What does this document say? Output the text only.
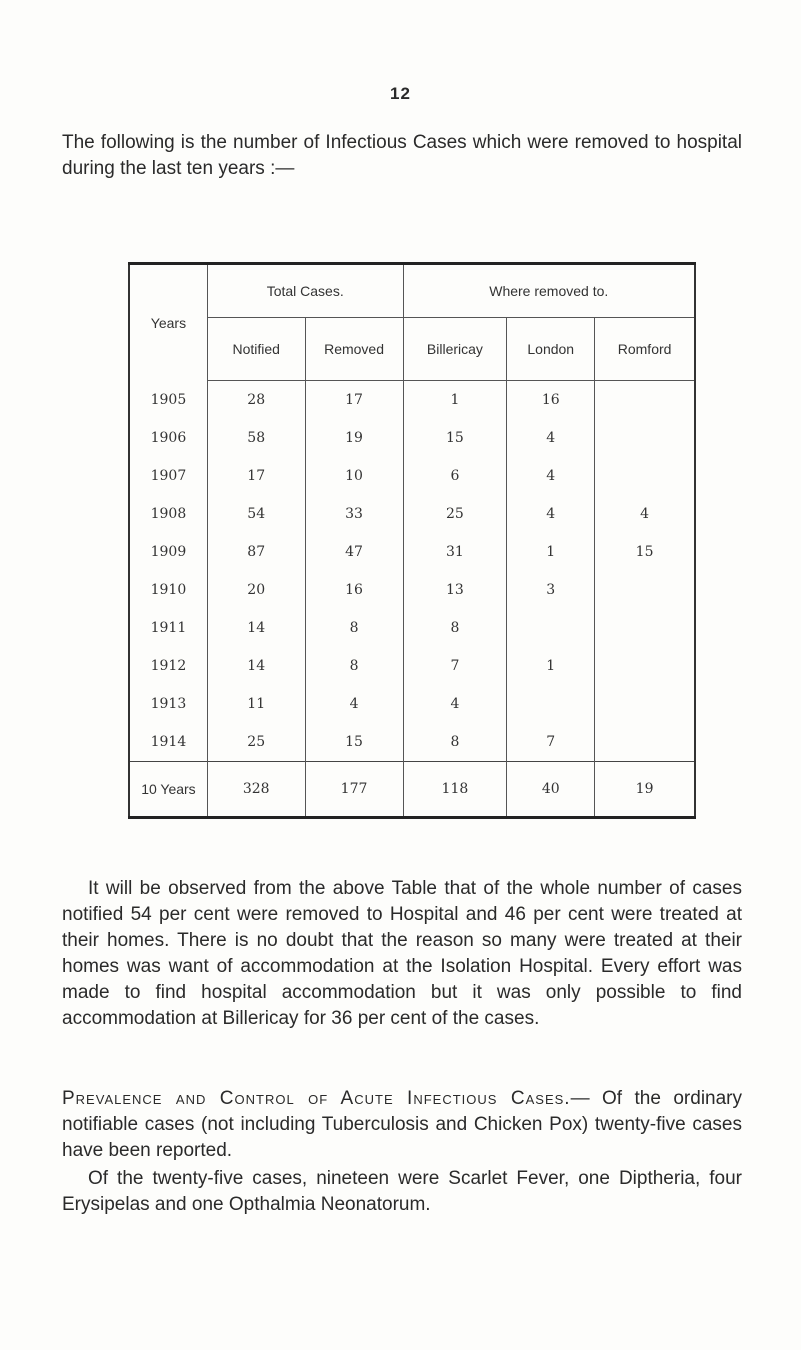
12

The following is the number of Infectious Cases which were removed to hospital during the last ten years :—

Years	Total Cases.		Where removed to.		
	Notified	Removed	Billericay	London	Romford
1905	28	17	1	16	
1906	58	19	15	4	
1907	17	10	6	4	
1908	54	33	25	4	4
1909	87	47	31	1	15
1910	20	16	13	3	
1911	14	8	8		
1912	14	8	7	1	
1913	11	4	4		
1914	25	15	8	7	
10 Years	328	177	118	40	19

It will be observed from the above Table that of the whole number of cases notified 54 per cent were removed to Hospital and 46 per cent were treated at their homes. There is no doubt that the reason so many were treated at their homes was want of accommodation at the Isolation Hospital. Every effort was made to find hospital accommodation but it was only possible to find accommodation at Billericay for 36 per cent of the cases.

Prevalence and Control of Acute Infectious Cases.— Of the ordinary notifiable cases (not including Tuberculosis and Chicken Pox) twenty-five cases have been reported.

Of the twenty-five cases, nineteen were Scarlet Fever, one Diptheria, four Erysipelas and one Opthalmia Neonatorum.
